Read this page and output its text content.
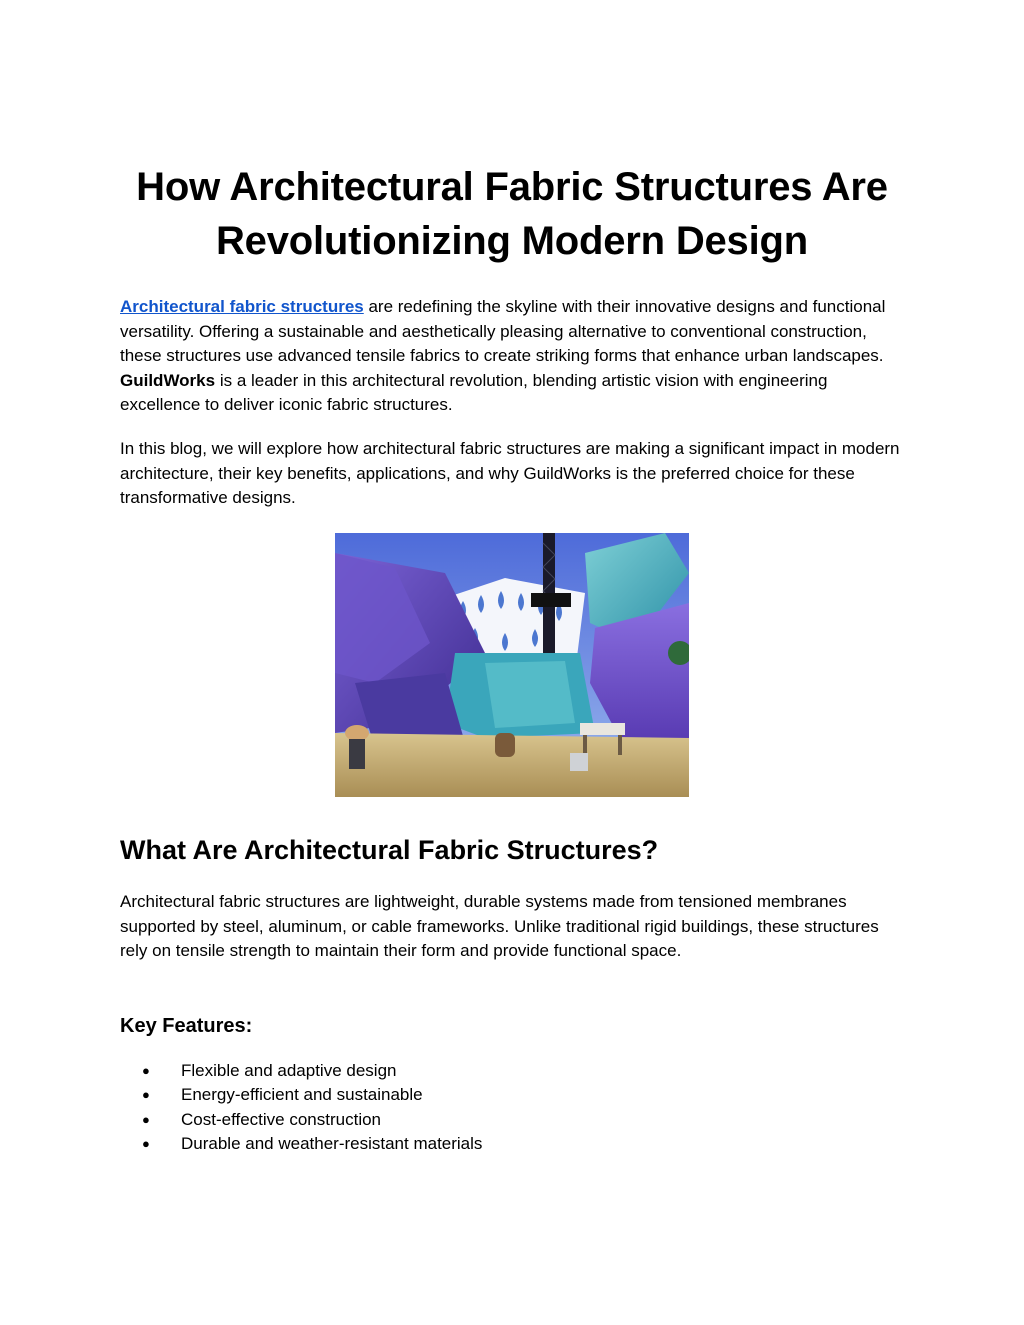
How Architectural Fabric Structures Are Revolutionizing Modern Design

Architectural fabric structures are redefining the skyline with their innovative designs and functional versatility. Offering a sustainable and aesthetically pleasing alternative to conventional construction, these structures use advanced tensile fabrics to create striking forms that enhance urban landscapes. GuildWorks is a leader in this architectural revolution, blending artistic vision with engineering excellence to deliver iconic fabric structures.

In this blog, we will explore how architectural fabric structures are making a significant impact in modern architecture, their key benefits, applications, and why GuildWorks is the preferred choice for these transformative designs.

What Are Architectural Fabric Structures?

Architectural fabric structures are lightweight, durable systems made from tensioned membranes supported by steel, aluminum, or cable frameworks. Unlike traditional rigid buildings, these structures rely on tensile strength to maintain their form and provide functional space.

Key Features:
● Flexible and adaptive design
● Energy-efficient and sustainable
● Cost-effective construction
● Durable and weather-resistant materials
